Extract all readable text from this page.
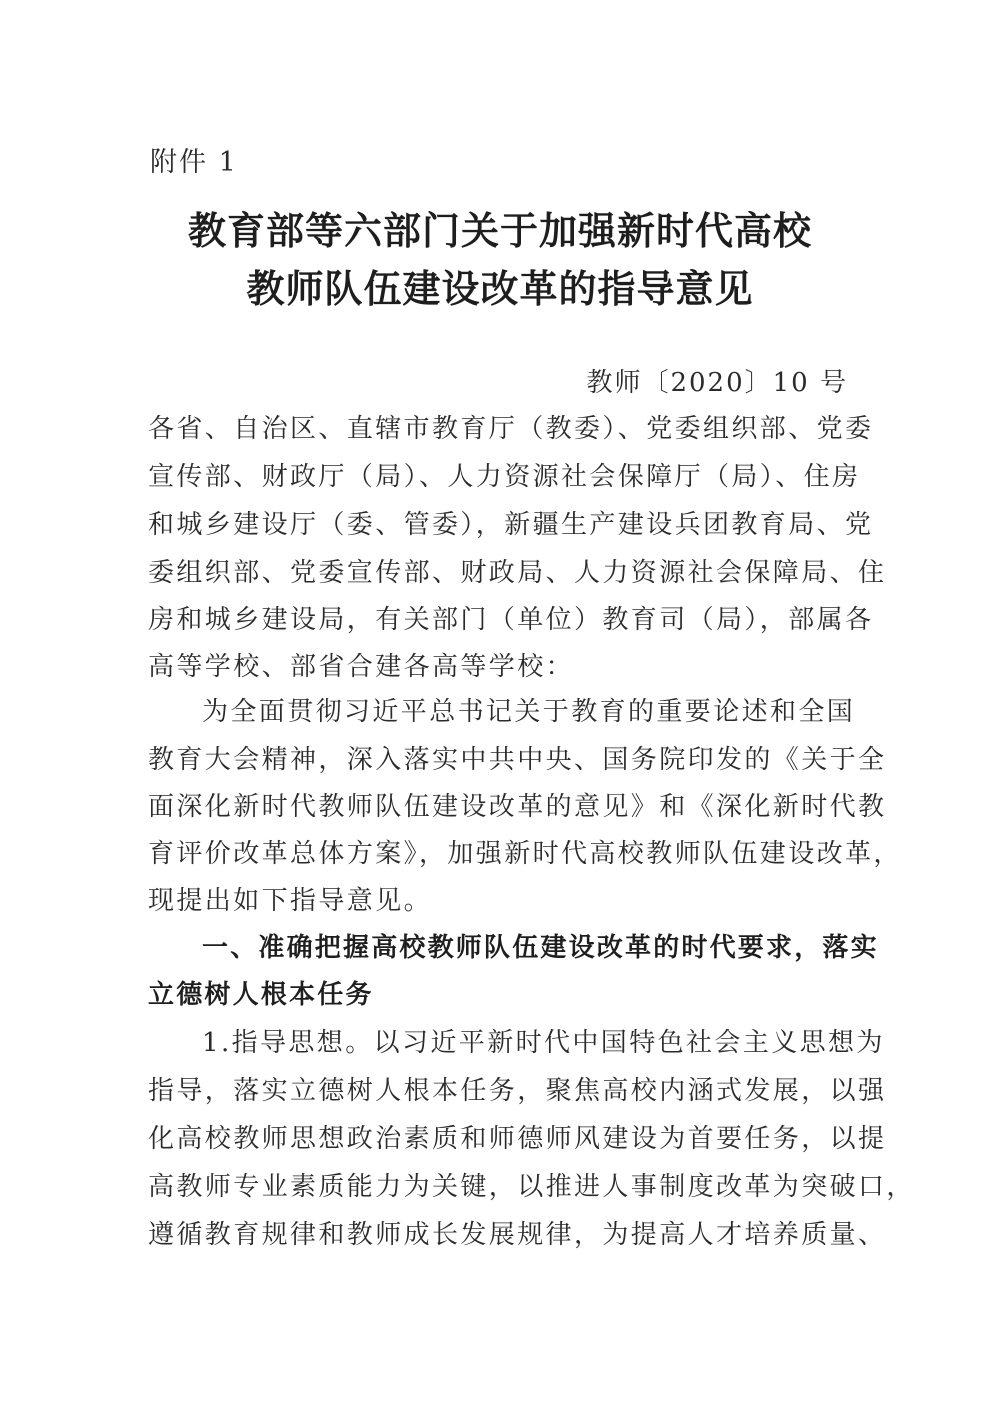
附件 1
教育部等六部门关于加强新时代高校
教师队伍建设改革的指导意见
教师〔2020〕10 号
各省、自治区、直辖市教育厅（教委）、党委组织部、党委
宣传部、财政厅（局）、人力资源社会保障厅（局）、住房
和城乡建设厅（委、管委），新疆生产建设兵团教育局、党
委组织部、党委宣传部、财政局、人力资源社会保障局、住
房和城乡建设局，有关部门（单位）教育司（局），部属各
高等学校、部省合建各高等学校：
为全面贯彻习近平总书记关于教育的重要论述和全国
教育大会精神，深入落实中共中央、国务院印发的《关于全
面深化新时代教师队伍建设改革的意见》和《深化新时代教
育评价改革总体方案》，加强新时代高校教师队伍建设改革，
现提出如下指导意见。
一、准确把握高校教师队伍建设改革的时代要求，落实
立德树人根本任务
1.指导思想。以习近平新时代中国特色社会主义思想为
指导，落实立德树人根本任务，聚焦高校内涵式发展，以强
化高校教师思想政治素质和师德师风建设为首要任务，以提
高教师专业素质能力为关键，以推进人事制度改革为突破口，
遵循教育规律和教师成长发展规律，为提高人才培养质量、
